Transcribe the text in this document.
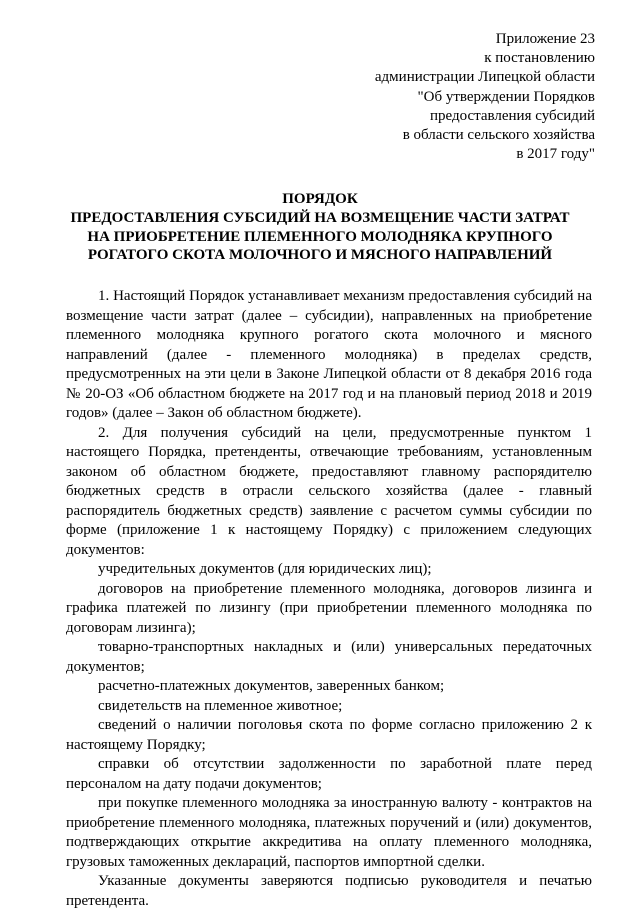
Приложение 23
к постановлению
администрации Липецкой области
"Об утверждении Порядков
предоставления субсидий
в области сельского хозяйства
в 2017 году"
ПОРЯДОК
ПРЕДОСТАВЛЕНИЯ СУБСИДИЙ НА ВОЗМЕЩЕНИЕ ЧАСТИ ЗАТРАТ
НА ПРИОБРЕТЕНИЕ ПЛЕМЕННОГО МОЛОДНЯКА КРУПНОГО
РОГАТОГО СКОТА МОЛОЧНОГО И МЯСНОГО НАПРАВЛЕНИЙ

1. Настоящий Порядок устанавливает механизм предоставления субсидий на возмещение части затрат (далее – субсидии), направленных на приобретение племенного молодняка крупного рогатого скота молочного и мясного направлений (далее - племенного молодняка) в пределах средств, предусмотренных на эти цели в Законе Липецкой области от 8 декабря 2016 года № 20-ОЗ «Об областном бюджете на 2017 год и на плановый период 2018 и 2019 годов» (далее – Закон об областном бюджете).

2. Для получения субсидий на цели, предусмотренные пунктом 1 настоящего Порядка, претенденты, отвечающие требованиям, установленным законом об областном бюджете, предоставляют главному распорядителю бюджетных средств в отрасли сельского хозяйства (далее - главный распорядитель бюджетных средств) заявление с расчетом суммы субсидии по форме (приложение 1 к настоящему Порядку) с приложением следующих документов:

учредительных документов (для юридических лиц);

договоров на приобретение племенного молодняка, договоров лизинга и графика платежей по лизингу (при приобретении племенного молодняка по договорам лизинга);

товарно-транспортных накладных и (или) универсальных передаточных документов;

расчетно-платежных документов, заверенных банком;

свидетельств на племенное животное;

сведений о наличии поголовья скота по форме согласно приложению 2 к настоящему Порядку;

справки об отсутствии задолженности по заработной плате перед персоналом на дату подачи документов;

при покупке племенного молодняка за иностранную валюту - контрактов на приобретение племенного молодняка, платежных поручений и (или) документов, подтверждающих открытие аккредитива на оплату племенного молодняка, грузовых таможенных деклараций, паспортов импортной сделки.

Указанные документы заверяются подписью руководителя и печатью претендента.
